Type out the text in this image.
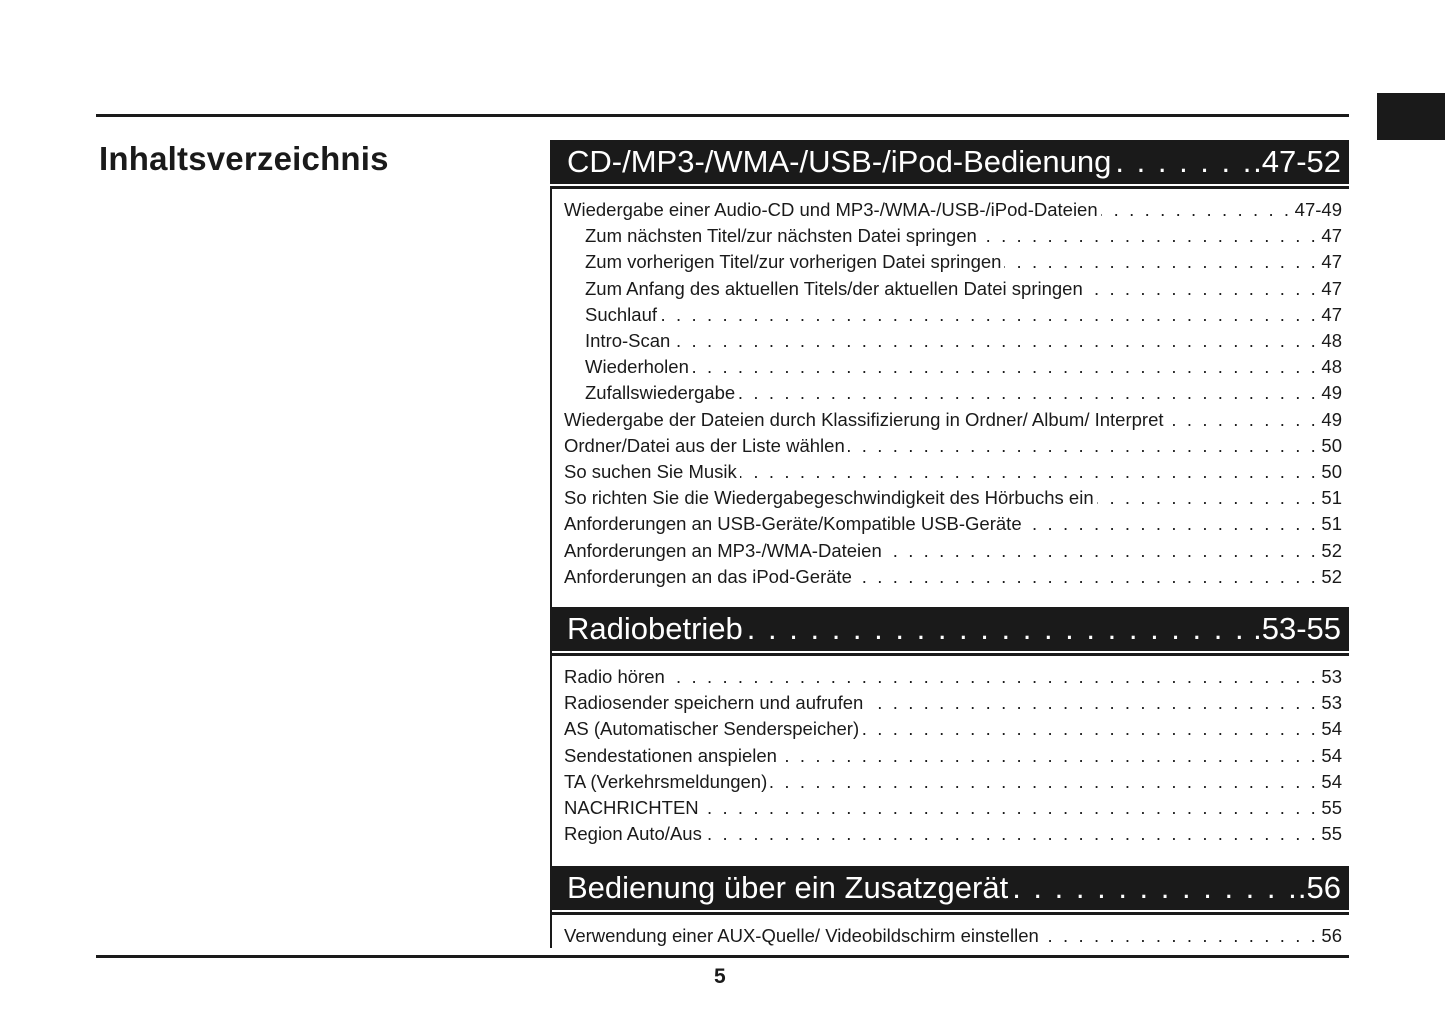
Inhaltsverzeichnis	CD-/MP3-/WMA-/USB-/iPod-Bedienung . . .	.47-52
Wiedergabe einer Audio-CD und MP3-/WMA-/USB-/iPod-Dateien . . .	47-49
Zum nächsten Titel/zur nächsten Datei springen . . .	47
Zum vorherigen Titel/zur vorherigen Datei springen . . .	47
Zum Anfang des aktuellen Titels/der aktuellen Datei springen . . .	47
Suchlauf . . .	47
Intro-Scan . . .	48
Wiederholen . . .	48
Zufallswiedergabe . . .	49
Wiedergabe der Dateien durch Klassifizierung in Ordner/ Album/ Interpret . . .	49
Ordner/Datei aus der Liste wählen . . .	50
So suchen Sie Musik . . .	50
So richten Sie die Wiedergabegeschwindigkeit des Hörbuchs ein . . .	51
Anforderungen an USB-Geräte/Kompatible USB-Geräte . . .	51
Anforderungen an MP3-/WMA-Dateien . . .	52
Anforderungen an das iPod-Geräte . . .	52
Radiobetrieb . . .	.53-55
Radio hören . . .	53
Radiosender speichern und aufrufen . . .	53
AS (Automatischer Senderspeicher) . . .	54
Sendestationen anspielen . . .	54
TA (Verkehrsmeldungen) . . .	54
NACHRICHTEN . . .	55
Region Auto/Aus . . .	55
Bedienung über ein Zusatzgerät . . .	.56
Verwendung einer AUX-Quelle/ Videobildschirm einstellen . . .	56
5
